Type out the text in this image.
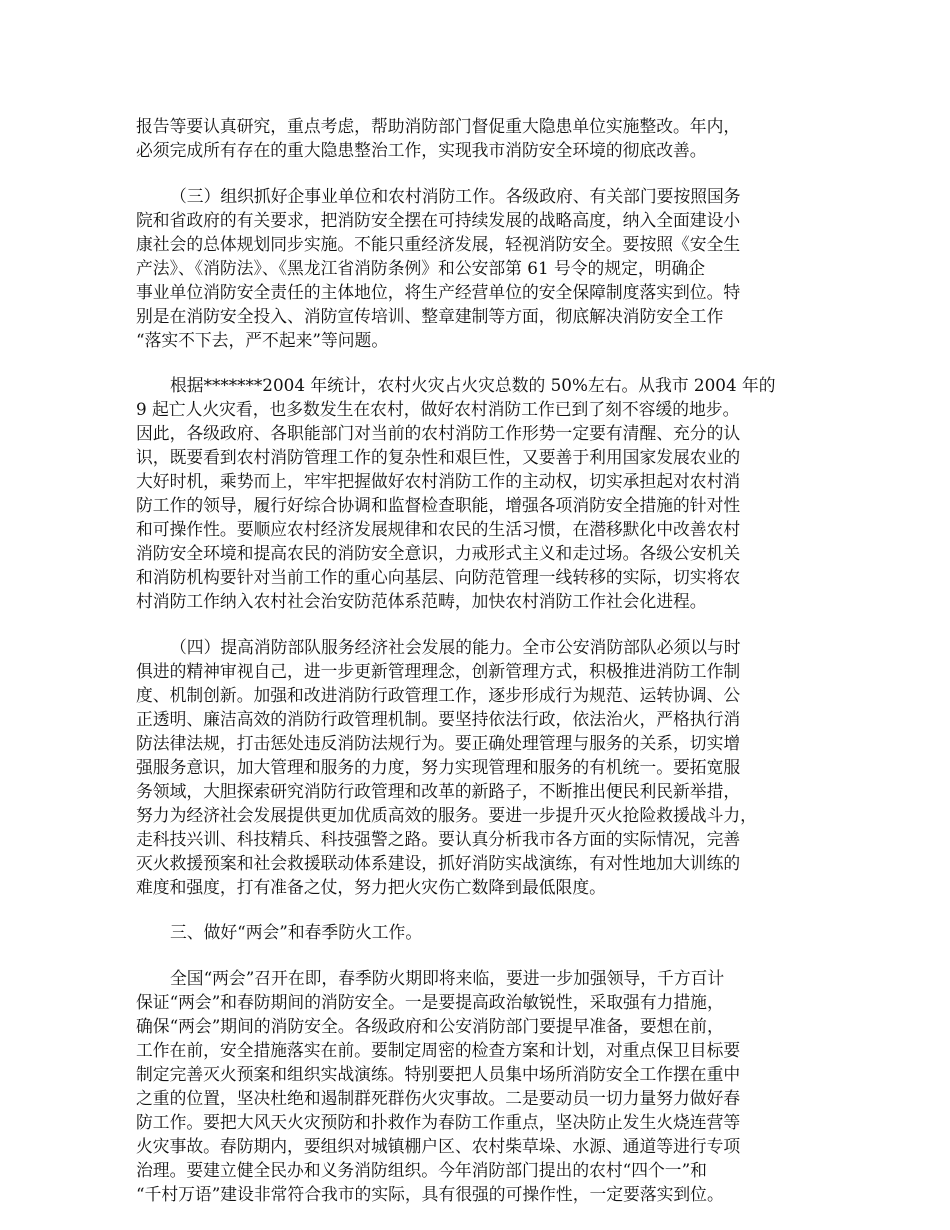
报告等要认真研究，重点考虑，帮助消防部门督促重大隐患单位实施整改。年内，
必须完成所有存在的重大隐患整治工作，实现我市消防安全环境的彻底改善。
（三）组织抓好企事业单位和农村消防工作。各级政府、有关部门要按照国务
院和省政府的有关要求，把消防安全摆在可持续发展的战略高度，纳入全面建设小
康社会的总体规划同步实施。不能只重经济发展，轻视消防安全。要按照《安全生
产法》、《消防法》、《黑龙江省消防条例》和公安部第 61 号令的规定，明确企
事业单位消防安全责任的主体地位，将生产经营单位的安全保障制度落实到位。特
别是在消防安全投入、消防宣传培训、整章建制等方面，彻底解决消防安全工作
“落实不下去，严不起来”等问题。
根据*******2004 年统计，农村火灾占火灾总数的 50%左右。从我市 2004 年的
9 起亡人火灾看，也多数发生在农村，做好农村消防工作已到了刻不容缓的地步。
因此，各级政府、各职能部门对当前的农村消防工作形势一定要有清醒、充分的认
识，既要看到农村消防管理工作的复杂性和艰巨性，又要善于利用国家发展农业的
大好时机，乘势而上，牢牢把握做好农村消防工作的主动权，切实承担起对农村消
防工作的领导，履行好综合协调和监督检查职能，增强各项消防安全措施的针对性
和可操作性。要顺应农村经济发展规律和农民的生活习惯，在潜移默化中改善农村
消防安全环境和提高农民的消防安全意识，力戒形式主义和走过场。各级公安机关
和消防机构要针对当前工作的重心向基层、向防范管理一线转移的实际，切实将农
村消防工作纳入农村社会治安防范体系范畴，加快农村消防工作社会化进程。
（四）提高消防部队服务经济社会发展的能力。全市公安消防部队必须以与时
俱进的精神审视自己，进一步更新管理理念，创新管理方式，积极推进消防工作制
度、机制创新。加强和改进消防行政管理工作，逐步形成行为规范、运转协调、公
正透明、廉洁高效的消防行政管理机制。要坚持依法行政，依法治火，严格执行消
防法律法规，打击惩处违反消防法规行为。要正确处理管理与服务的关系，切实增
强服务意识，加大管理和服务的力度，努力实现管理和服务的有机统一。要拓宽服
务领域，大胆探索研究消防行政管理和改革的新路子，不断推出便民利民新举措，
努力为经济社会发展提供更加优质高效的服务。要进一步提升灭火抢险救援战斗力，
走科技兴训、科技精兵、科技强警之路。要认真分析我市各方面的实际情况，完善
灭火救援预案和社会救援联动体系建设，抓好消防实战演练，有对性地加大训练的
难度和强度，打有准备之仗，努力把火灾伤亡数降到最低限度。
三、做好“两会”和春季防火工作。
全国“两会”召开在即，春季防火期即将来临，要进一步加强领导，千方百计
保证“两会”和春防期间的消防安全。一是要提高政治敏锐性，采取强有力措施，
确保“两会”期间的消防安全。各级政府和公安消防部门要提早准备，要想在前，
工作在前，安全措施落实在前。要制定周密的检查方案和计划，对重点保卫目标要
制定完善灭火预案和组织实战演练。特别要把人员集中场所消防安全工作摆在重中
之重的位置，坚决杜绝和遏制群死群伤火灾事故。二是要动员一切力量努力做好春
防工作。要把大风天火灾预防和扑救作为春防工作重点，坚决防止发生火烧连营等
火灾事故。春防期内，要组织对城镇棚户区、农村柴草垛、水源、通道等进行专项
治理。要建立健全民办和义务消防组织。今年消防部门提出的农村“四个一”和
“千村万语”建设非常符合我市的实际，具有很强的可操作性，一定要落实到位。
